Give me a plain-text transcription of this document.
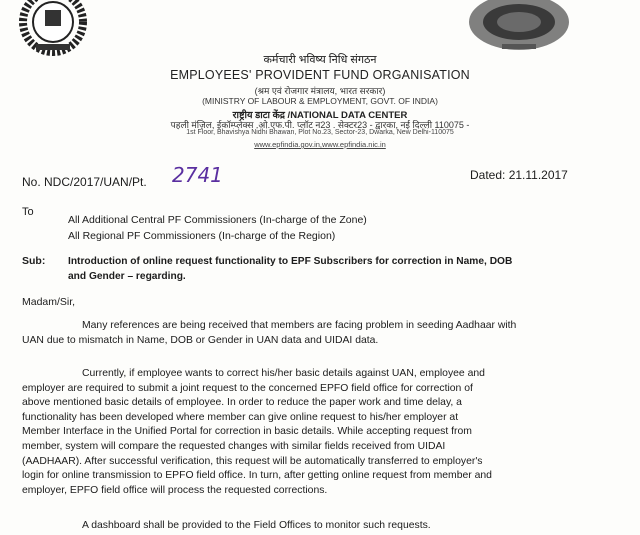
कर्मचारी भविष्य निधि संगठन
EMPLOYEES' PROVIDENT FUND ORGANISATION
(श्रम एवं रोजगार मंत्रालय, भारत सरकार)
(MINISTRY OF LABOUR & EMPLOYMENT, GOVT. OF INDIA)
राष्ट्रीय डाटा केंद्र /NATIONAL DATA CENTER
पहली मंज़िल, ईकॉम्प्लेक्स .ओ.एफ.पी. प्लॉट न23 . सेक्टर23 - द्वारका, नई दिल्ली 110075 -
1st Floor, Bhavishya Nidhi Bhawan, Plot No.23, Sector-23, Dwarka, New Delhi-110075
www.epfindia.gov.in,www.epfindia.nic.in
No. NDC/2017/UAN/Pt. 2741	Dated: 21.11.2017
To
All Additional Central PF Commissioners (In-charge of the Zone)
All Regional PF Commissioners (In-charge of the Region)
Sub: Introduction of online request functionality to EPF Subscribers for correction in Name, DOB
and Gender – regarding.
Madam/Sir,
Many references are being received that members are facing problem in seeding Aadhaar with
UAN due to mismatch in Name, DOB or Gender in UAN data and UIDAI data.
Currently, if employee wants to correct his/her basic details against UAN, employee and
employer are required to submit a joint request to the concerned EPFO field office for correction of
above mentioned basic details of employee. In order to reduce the paper work and time delay, a
functionality has been developed where member can give online request to his/her employer at
Member Interface in the Unified Portal for correction in basic details. While accepting request from
member, system will compare the requested changes with similar fields received from UIDAI
(AADHAAR). After successful verification, this request will be automatically transferred to employer's
login for online transmission to EPFO field office. In turn, after getting online request from member and
employer, EPFO field office will process the requested corrections.
A dashboard shall be provided to the Field Offices to monitor such requests.
